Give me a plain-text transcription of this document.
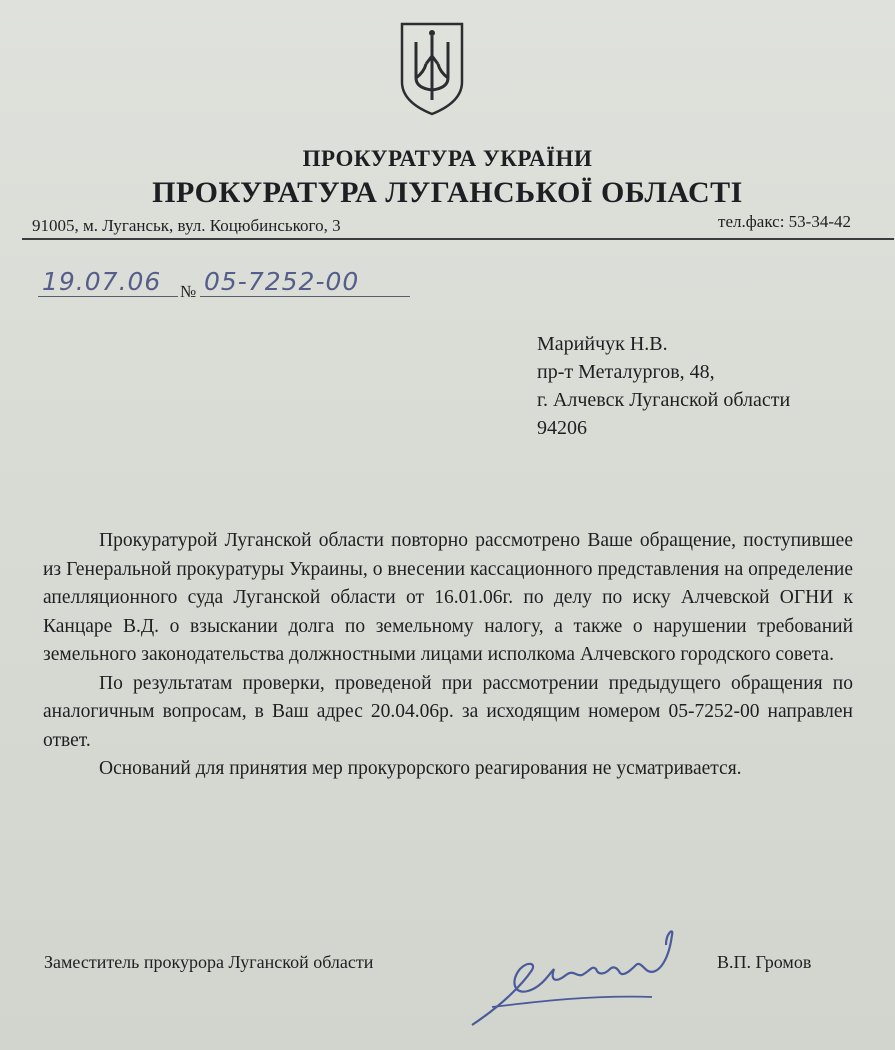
ПРОКУРАТУРА УКРАЇНИ
ПРОКУРАТУРА ЛУГАНСЬКОЇ ОБЛАСТІ
91005, м. Луганськ, вул. Коцюбинського, 3	тел.факс: 53-34-42
19.07.06	№ 05-7252-00
Марийчук Н.В.
пр-т Металургов, 48,
г. Алчевск Луганской области
94206

Прокуратурой Луганской области повторно рассмотрено Ваше обращение, поступившее из Генеральной прокуратуры Украины, о внесении кассационного представления на определение апелляционного суда Луганской области от 16.01.06г. по делу по иску Алчевской ОГНИ к Канцаре В.Д. о взыскании долга по земельному налогу, а также о нарушении требований земельного законодательства должностными лицами исполкома Алчевского городского совета.

По результатам проверки, проведеной при рассмотрении предыдущего обращения по аналогичным вопросам, в Ваш адрес 20.04.06р. за исходящим номером 05-7252-00 направлен ответ.

Оснований для принятия мер прокурорского реагирования не усматривается.

Заместитель прокурора Луганской области	В.П. Громов
